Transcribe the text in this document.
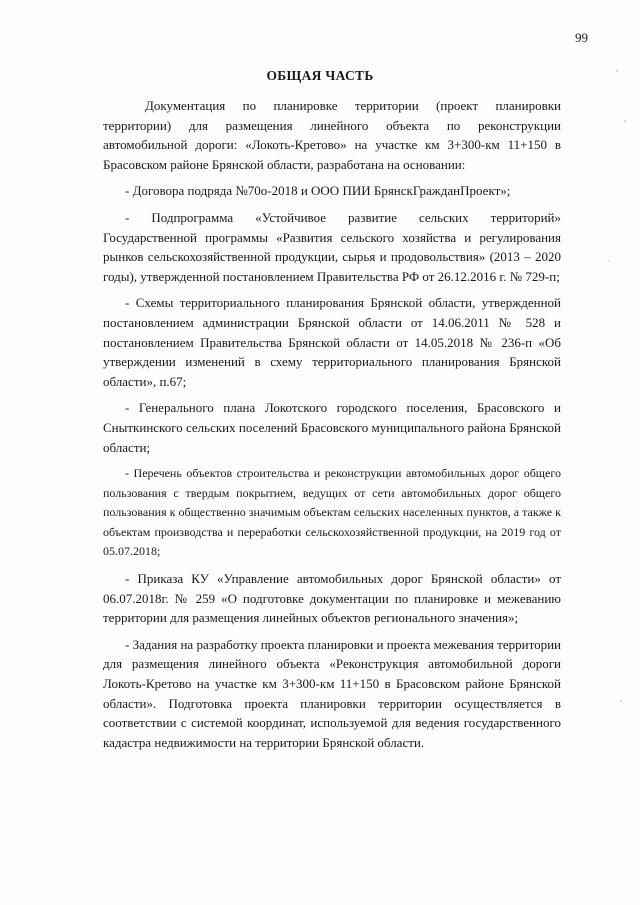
99
ОБЩАЯ ЧАСТЬ

Документация по планировке территории (проект планировки территории) для размещения линейного объекта по реконструкции автомобильной дороги: «Локоть-Кретово» на участке км 3+300-км 11+150 в Брасовском районе Брянской области, разработана на основании:

- Договора подряда №70о-2018 и ООО ПИИ БрянскГражданПроект»;

- Подпрограмма «Устойчивое развитие сельских территорий» Государственной программы «Развития сельского хозяйства и регулирования рынков сельскохозяйственной продукции, сырья и продовольствия» (2013 – 2020 годы), утвержденной постановлением Правительства РФ от 26.12.2016 г. № 729-п;

- Схемы территориального планирования Брянской области, утвержденной постановлением администрации Брянской области от 14.06.2011 № 528 и постановлением Правительства Брянской области от 14.05.2018 № 236-п «Об утверждении изменений в схему территориального планирования Брянской области», п.67;

- Генерального плана Локотского городского поселения, Брасовского и Сныткинского сельских поселений Брасовского муниципального района Брянской области;

- Перечень объектов строительства и реконструкции автомобильных дорог общего пользования с твердым покрытием, ведущих от сети автомобильных дорог общего пользования к общественно значимым объектам сельских населенных пунктов, а также к объектам производства и переработки сельскохозяйственной продукции, на 2019 год от 05.07.2018;

- Приказа КУ «Управление автомобильных дорог Брянской области» от 06.07.2018г. № 259 «О подготовке документации по планировке и межеванию территории для размещения линейных объектов регионального значения»;

- Задания на разработку проекта планировки и проекта межевания территории для размещения линейного объекта «Реконструкция автомобильной дороги Локоть-Кретово на участке км 3+300-км 11+150 в Брасовском районе Брянской области». Подготовка проекта планировки территории осуществляется в соответствии с системой координат, используемой для ведения государственного кадастра недвижимости на территории Брянской области.
